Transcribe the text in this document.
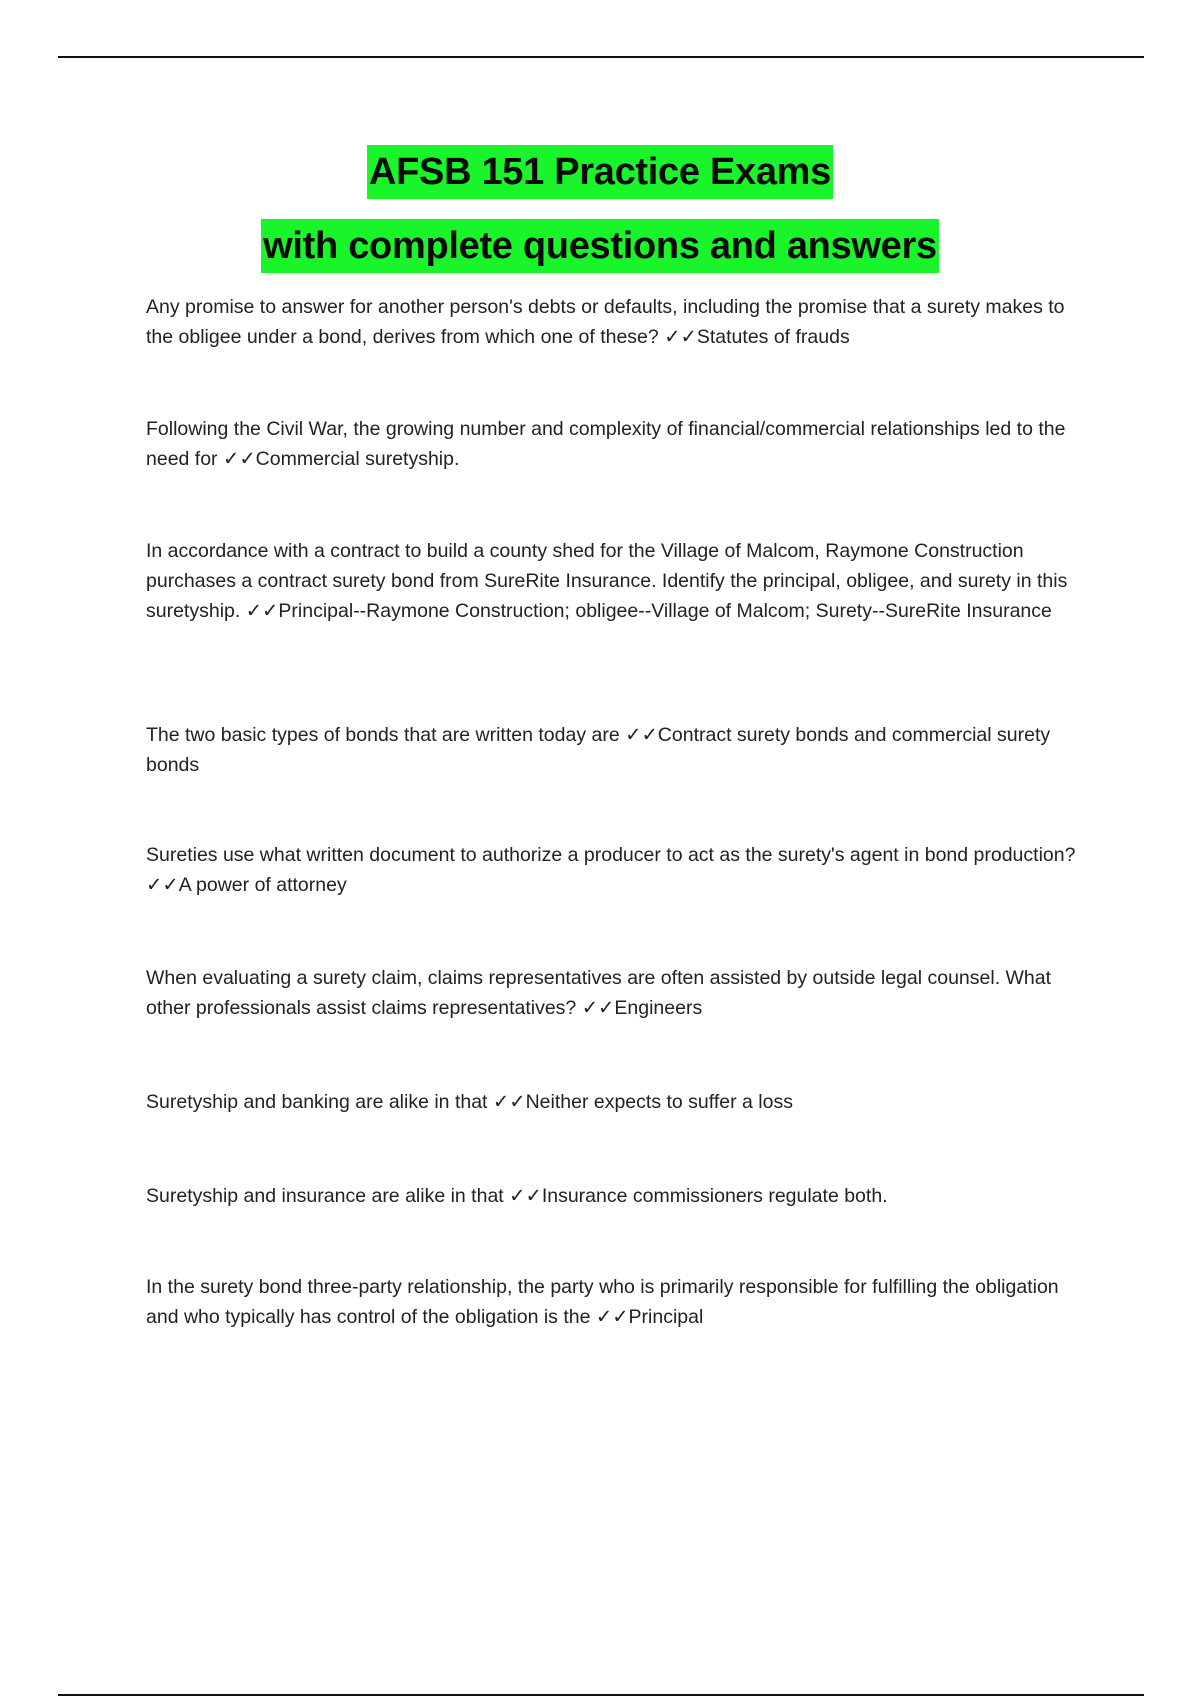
AFSB 151 Practice Exams
with complete questions and answers
Any promise to answer for another person's debts or defaults, including the promise that a surety makes to the obligee under a bond, derives from which one of these? ✓✓Statutes of frauds
Following the Civil War, the growing number and complexity of financial/commercial relationships led to the need for ✓✓Commercial suretyship.
In accordance with a contract to build a county shed for the Village of Malcom, Raymone Construction purchases a contract surety bond from SureRite Insurance. Identify the principal, obligee, and surety in this suretyship. ✓✓Principal--Raymone Construction; obligee--Village of Malcom; Surety--SureRite Insurance
The two basic types of bonds that are written today are ✓✓Contract surety bonds and commercial surety bonds
Sureties use what written document to authorize a producer to act as the surety's agent in bond production? ✓✓A power of attorney
When evaluating a surety claim, claims representatives are often assisted by outside legal counsel. What other professionals assist claims representatives? ✓✓Engineers
Suretyship and banking are alike in that ✓✓Neither expects to suffer a loss
Suretyship and insurance are alike in that ✓✓Insurance commissioners regulate both.
In the surety bond three-party relationship, the party who is primarily responsible for fulfilling the obligation and who typically has control of the obligation is the ✓✓Principal
